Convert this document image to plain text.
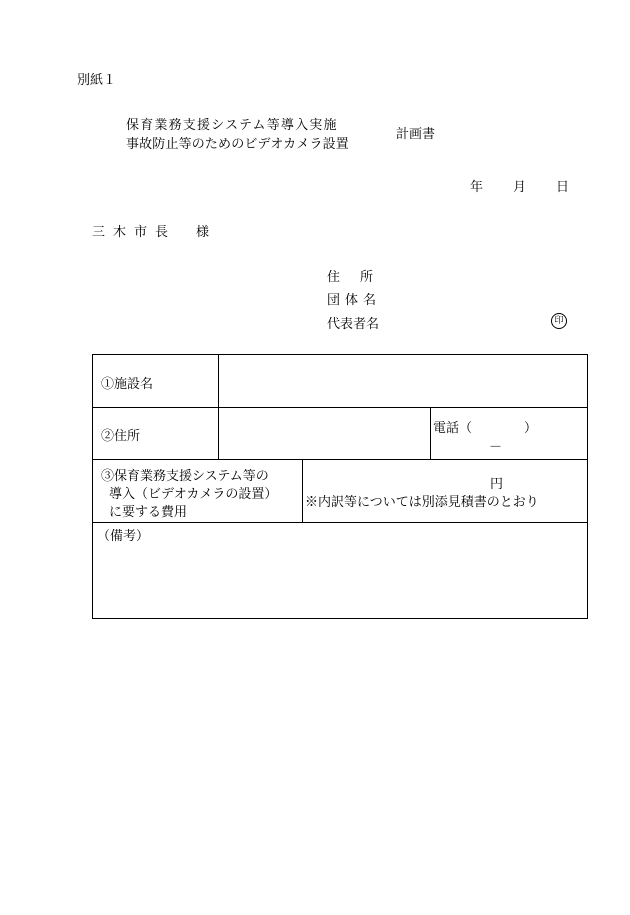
別紙１
保育業務支援システム等導入実施
事故防止等のためのビデオカメラ設置
計画書
年 月 日
三木市長 様
住所
団体名
代表者名	印
①施設名
②住所
電話（　　　　）
－
③保育業務支援システム等の
導入（ビデオカメラの設置）
に要する費用
円
※内訳等については別添見積書のとおり
（備考）
